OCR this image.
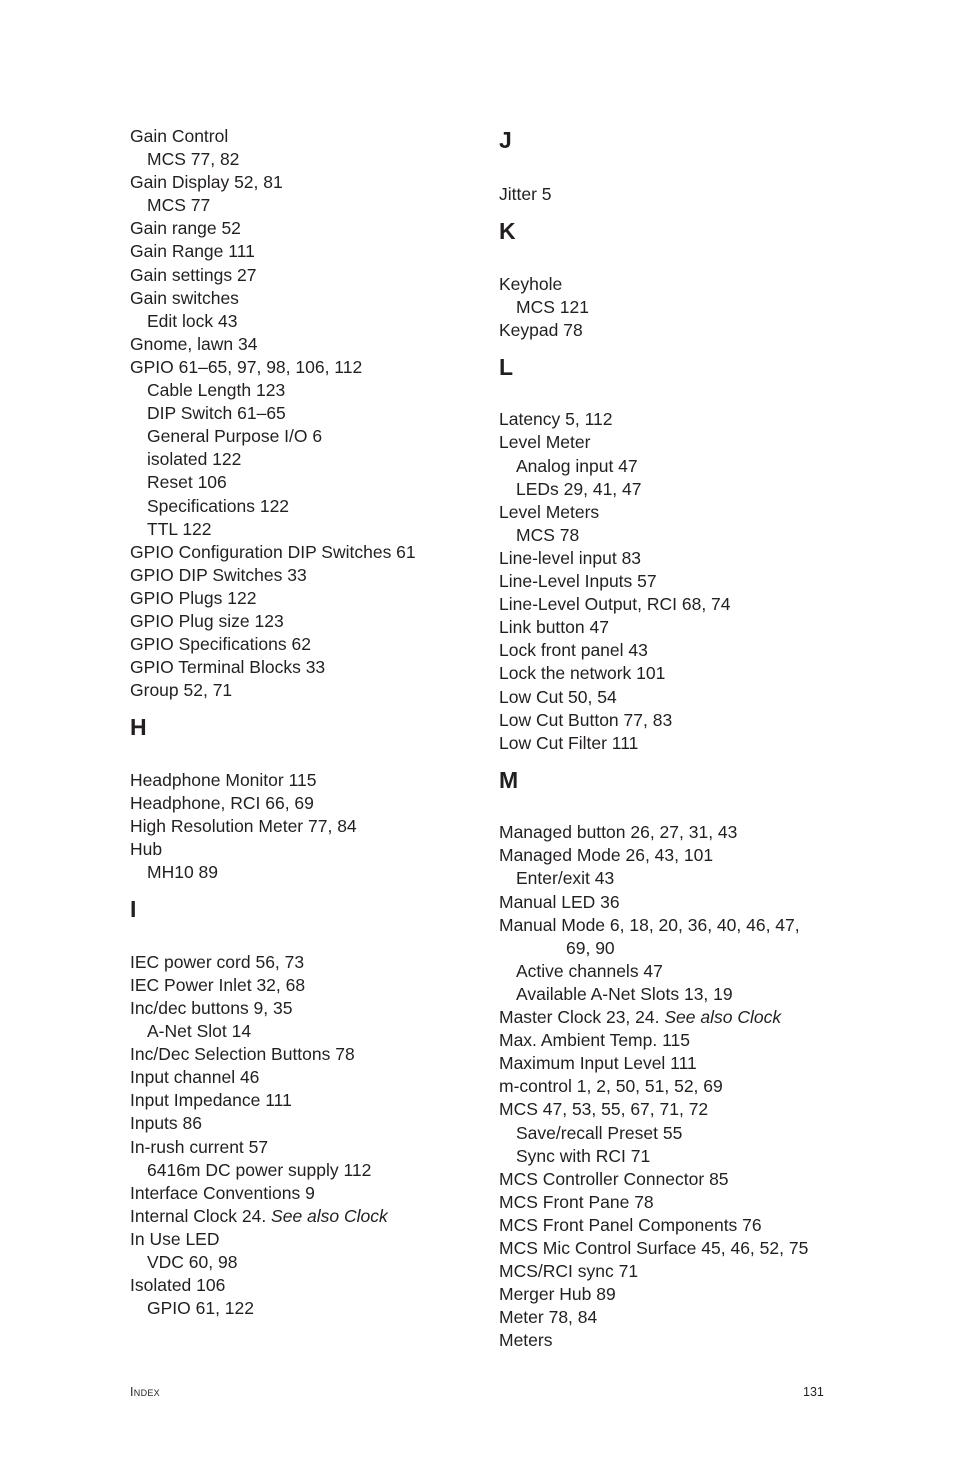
Gain Control
MCS 77, 82
Gain Display 52, 81
MCS 77
Gain range 52
Gain Range 111
Gain settings 27
Gain switches
Edit lock 43
Gnome, lawn 34
GPIO 61–65, 97, 98, 106, 112
Cable Length 123
DIP Switch 61–65
General Purpose I/O 6
isolated 122
Reset 106
Specifications 122
TTL 122
GPIO Configuration DIP Switches 61
GPIO DIP Switches 33
GPIO Plugs 122
GPIO Plug size 123
GPIO Specifications 62
GPIO Terminal Blocks 33
Group 52, 71
H
Headphone Monitor 115
Headphone, RCI 66, 69
High Resolution Meter 77, 84
Hub
MH10 89
I
IEC power cord 56, 73
IEC Power Inlet 32, 68
Inc/dec buttons 9, 35
A-Net Slot 14
Inc/Dec Selection Buttons 78
Input channel 46
Input Impedance 111
Inputs 86
In-rush current 57
6416m DC power supply 112
Interface Conventions 9
Internal Clock 24. See also Clock
In Use LED
VDC 60, 98
Isolated 106
GPIO 61, 122
J
Jitter 5
K
Keyhole
MCS 121
Keypad 78
L
Latency 5, 112
Level Meter
Analog input 47
LEDs 29, 41, 47
Level Meters
MCS 78
Line-level input 83
Line-Level Inputs 57
Line-Level Output, RCI 68, 74
Link button 47
Lock front panel 43
Lock the network 101
Low Cut 50, 54
Low Cut Button 77, 83
Low Cut Filter 111
M
Managed button 26, 27, 31, 43
Managed Mode 26, 43, 101
Enter/exit 43
Manual LED 36
Manual Mode 6, 18, 20, 36, 40, 46, 47,
69, 90
Active channels 47
Available A-Net Slots 13, 19
Master Clock 23, 24. See also Clock
Max. Ambient Temp. 115
Maximum Input Level 111
m-control 1, 2, 50, 51, 52, 69
MCS 47, 53, 55, 67, 71, 72
Save/recall Preset 55
Sync with RCI 71
MCS Controller Connector 85
MCS Front Pane 78
MCS Front Panel Components 76
MCS Mic Control Surface 45, 46, 52, 75
MCS/RCI sync 71
Merger Hub 89
Meter 78, 84
Meters
Index	131
